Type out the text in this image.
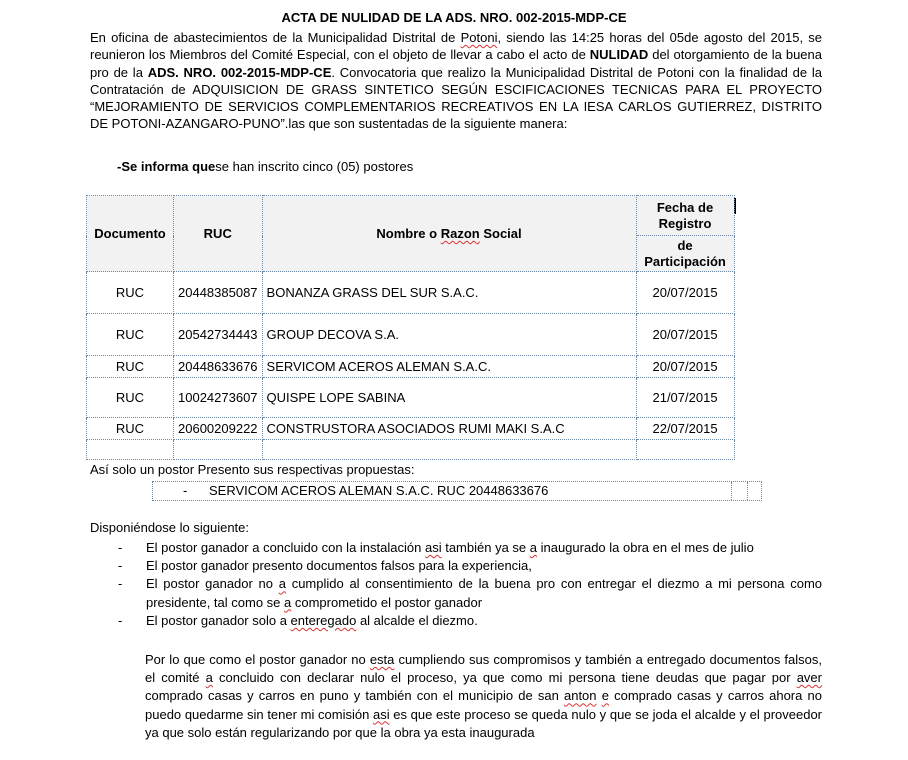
ACTA DE NULIDAD DE LA ADS. NRO. 002-2015-MDP-CE
En oficina de abastecimientos de la Municipalidad Distrital de Potoni, siendo las 14:25 horas del 05de agosto del 2015, se reunieron los Miembros del Comité Especial, con el objeto de llevar a cabo el acto de NULIDAD del otorgamiento de la buena pro de la ADS. NRO. 002-2015-MDP-CE. Convocatoria que realizo la Municipalidad Distrital de Potoni con la finalidad de la Contratación de ADQUISICION DE GRASS SINTETICO SEGÚN ESCIFICACIONES TECNICAS PARA EL PROYECTO “MEJORAMIENTO DE SERVICIOS COMPLEMENTARIOS RECREATIVOS EN LA IESA CARLOS GUTIERREZ, DISTRITO DE POTONI-AZANGARO-PUNO”.las que son sustentadas de la siguiente manera:
-Se informa quese han inscrito cinco (05) postores
Documento	RUC	Nombre o Razon Social	Fecha de Registro
			de Participación
RUC	20448385087	BONANZA GRASS DEL SUR S.A.C.	20/07/2015
RUC	20542734443	GROUP DECOVA S.A.	20/07/2015
RUC	20448633676	SERVICOM ACEROS ALEMAN S.A.C.	20/07/2015
RUC	10024273607	QUISPE LOPE SABINA	21/07/2015
RUC	20600209222	CONSTRUSTORA ASOCIADOS RUMI MAKI S.A.C	22/07/2015

Así solo un postor Presento sus respectivas propuestas:
- SERVICOM ACEROS ALEMAN S.A.C. RUC 20448633676
Disponiéndose lo siguiente:
- El postor ganador a concluido con la instalación asi también ya se a inaugurado la obra en el mes de julio
- El postor ganador presento documentos falsos para la experiencia,
- El postor ganador no a cumplido al consentimiento de la buena pro con entregar el diezmo a mi persona como presidente, tal como se a comprometido el postor ganador
- El postor ganador solo a enteregado al alcalde el diezmo.
Por lo que como el postor ganador no esta cumpliendo sus compromisos y también a entregado documentos falsos, el comité a concluido con declarar nulo el proceso, ya que como mi persona tiene deudas que pagar por aver comprado casas y carros en puno y también con el municipio de san anton e comprado casas y carros ahora no puedo quedarme sin tener mi comisión asi es que este proceso se queda nulo y que se joda el alcalde y el proveedor ya que solo están regularizando por que la obra ya esta inaugurada
